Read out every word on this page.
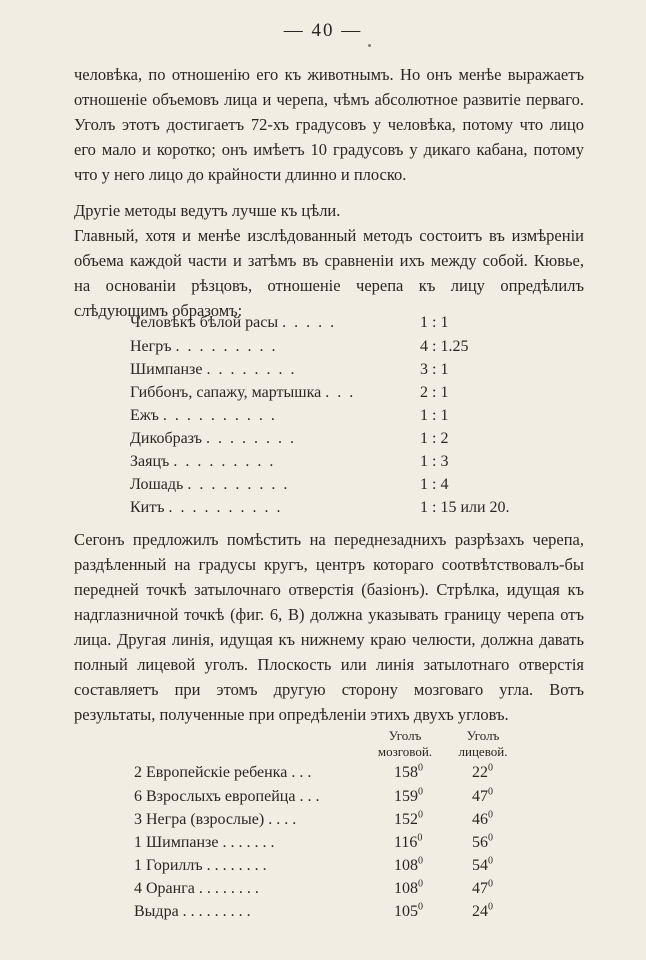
— 40 —

человѣка, по отношенію его къ животнымъ. Но онъ менѣе выражаетъ отношеніе объемовъ лица и черепа, чѣмъ абсолютное развитіе перваго. Уголъ этотъ достигаетъ 72-хъ градусовъ у человѣка, потому что лицо его мало и коротко; онъ имѣетъ 10 градусовъ у дикаго кабана, потому что у него лицо до крайности длинно и плоско.

Другіе методы ведутъ лучше къ цѣли.

Главный, хотя и менѣе изслѣдованный методъ состоитъ въ измѣреніи объема каждой части и затѣмъ въ сравненіи ихъ между собой. Кювье, на основаніи рѣзцовъ, отношеніе черепа къ лицу опредѣлилъ слѣдующимъ образомъ:

Человѣкъ бѣлой расы . . . . .	1 : 1
Негръ . . . . . . . . .	4 : 1.25
Шимпанзе . . . . . . . .	3 : 1
Гиббонъ, сапажу, мартышка . . .	2 : 1
Ежъ . . . . . . . . . .	1 : 1
Дикобразъ . . . . . . . .	1 : 2
Заяцъ . . . . . . . . .	1 : 3
Лошадь . . . . . . . . .	1 : 4
Китъ . . . . . . . . . .	1 : 15 или 20.

Сегонъ предложилъ помѣстить на переднезаднихъ разрѣзахъ черепа, раздѣленный на градусы кругъ, центръ котораго соотвѣтствовалъ-бы передней точкѣ затылочнаго отверстія (базіонъ). Стрѣлка, идущая къ надглазничной точкѣ (фиг. 6, B) должна указывать границу черепа отъ лица. Другая линія, идущая къ нижнему краю челюсти, должна давать полный лицевой уголъ. Плоскость или линія затылотнаго отверстія составляетъ при этомъ другую сторону мозговаго угла. Вотъ результаты, полученные при опредѣленіи этихъ двухъ угловъ.

Уголъ
мозговой.
Уголъ
лицевой.
2 Европейскіе ребенка . . .	$158^0$	$22^0$
6 Взрослыхъ европейца . . .	$159^0$	$47^0$
3 Негра (взрослые) . . . .	$152^0$	$46^0$
1 Шимпанзе . . . . . . .	$116^0$	$56^0$
1 Гориллъ . . . . . . . .	$108^0$	$54^0$
4 Оранга . . . . . . . .	$108^0$	$47^0$
Выдра . . . . . . . . .	$105^0$	$24^0$
